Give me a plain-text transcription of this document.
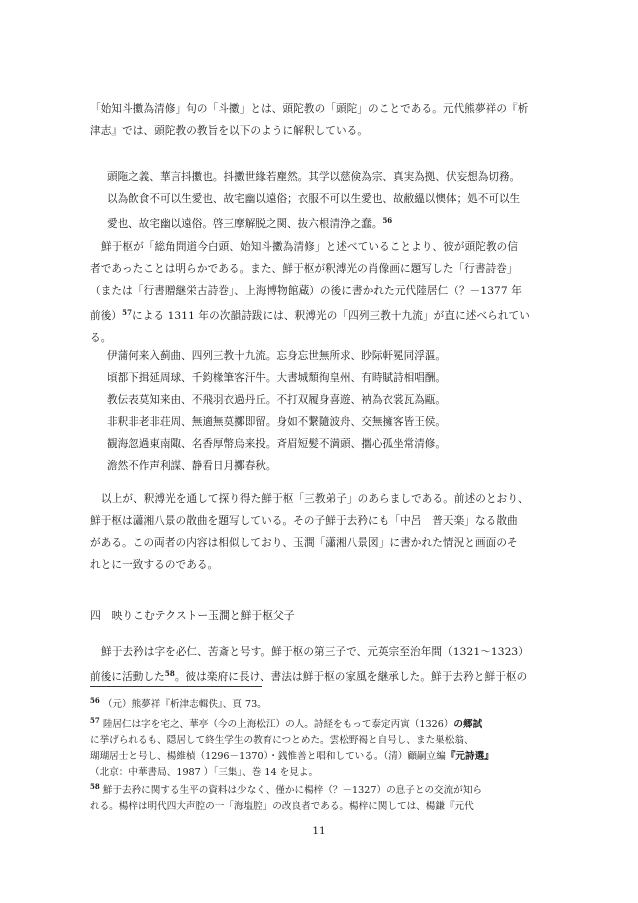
「始知斗擻為清修」句の「斗擻」とは、頭陀教の「頭陀」のことである。元代熊夢祥の『析
津志』では、頭陀教の教旨を以下のように解釈している。
頭陁之義、華言抖擻也。抖擻世緣若塵然。其学以慈倹為宗、真実為拠、伏妄想為切務。
以為飲食不可以生愛也、故宅幽以遠俗；衣服不可以生愛也、故敝縕以懊体；処不可以生
愛也、故宅幽以遠俗。啓三摩解脱之関、抜六根清浄之蠢。$^{56}$
鮮于枢が「総角問道今白頭、始知斗擻為清修」と述べていることより、彼が頭陀教の信
者であったことは明らかである。また、鮮于枢が釈溥光の肖像画に題写した「行書詩巻」
（または「行書贈継栄古詩巻」、上海博物館蔵）の後に書かれた元代陸居仁（？－1377 年
前後）$^{57}$による 1311 年の次韻詩跋には、釈溥光の「四列三教十九流」が直に述べられてい
る。
伊蒲何来入蓟曲、四列三教十九流。忘身忘世無所求、眇际軒冕同浮漚。
頃都下揖延周球、千鈞椽筆客汗牛。大書城頽徇皇州、有時賦詩相唱酬。
教伝表莫知来由、不飛羽衣過丹丘。不打双履身喜遊、衲為衣裳瓦為甌。
非釈非老非荘周、無適無莫擲即留。身如不繋隨波舟、交無擁客皆王侯。
観海忽過東南陬、名香厚幣烏来投。斉眉短髪不満頭、攜心孤坐常清修。
澹然不作声利謀、静看日月擲春秋。
以上が、釈溥光を通して探り得た鮮于枢「三教弟子」のあらましである。前述のとおり、
鮮于枢は瀟湘八景の散曲を題写している。その子鮮于去矜にも「中呂　普天楽」なる散曲
がある。この両者の内容は相似しており、玉澗「瀟湘八景図」に書かれた情況と画面のそ
れとに一致するのである。
四　映りこむテクストー玉澗と鮮于枢父子
鮮于去矜は字を必仁、苦斎と号す。鮮于枢の第三子で、元英宗至治年間（1321～1323）
前後に活動した$^{58}$。彼は楽府に長け、書法は鮮于枢の家風を継承した。鮮于去矜と鮮于枢の
$^{56}$ （元）熊夢祥『析津志輯佚』、頁 73。
$^{57}$ 陸居仁は字を宅之、華亭（今の上海松江）の人。詩経をもって泰定丙寅（1326）の郷試
に挙げられるも、隠居して終生学生の教育につとめた。雲松野褐と自号し、また巣松翁、
瑚瑚居士と号し、楊維楨（1296－1370）・銭惟善と唱和している。（清）顧嗣立編『元詩選』
（北京：中華書局、1987 ）「三集」、巻 14 を見よ。
$^{58}$ 鮮于去矜に関する生平の資料は少なく、僅かに楊梓（？－1327）の息子との交流が知ら
れる。楊梓は明代四大声腔の一「海塩腔」の改良者である。楊梓に関しては、楊鎌『元代
11
